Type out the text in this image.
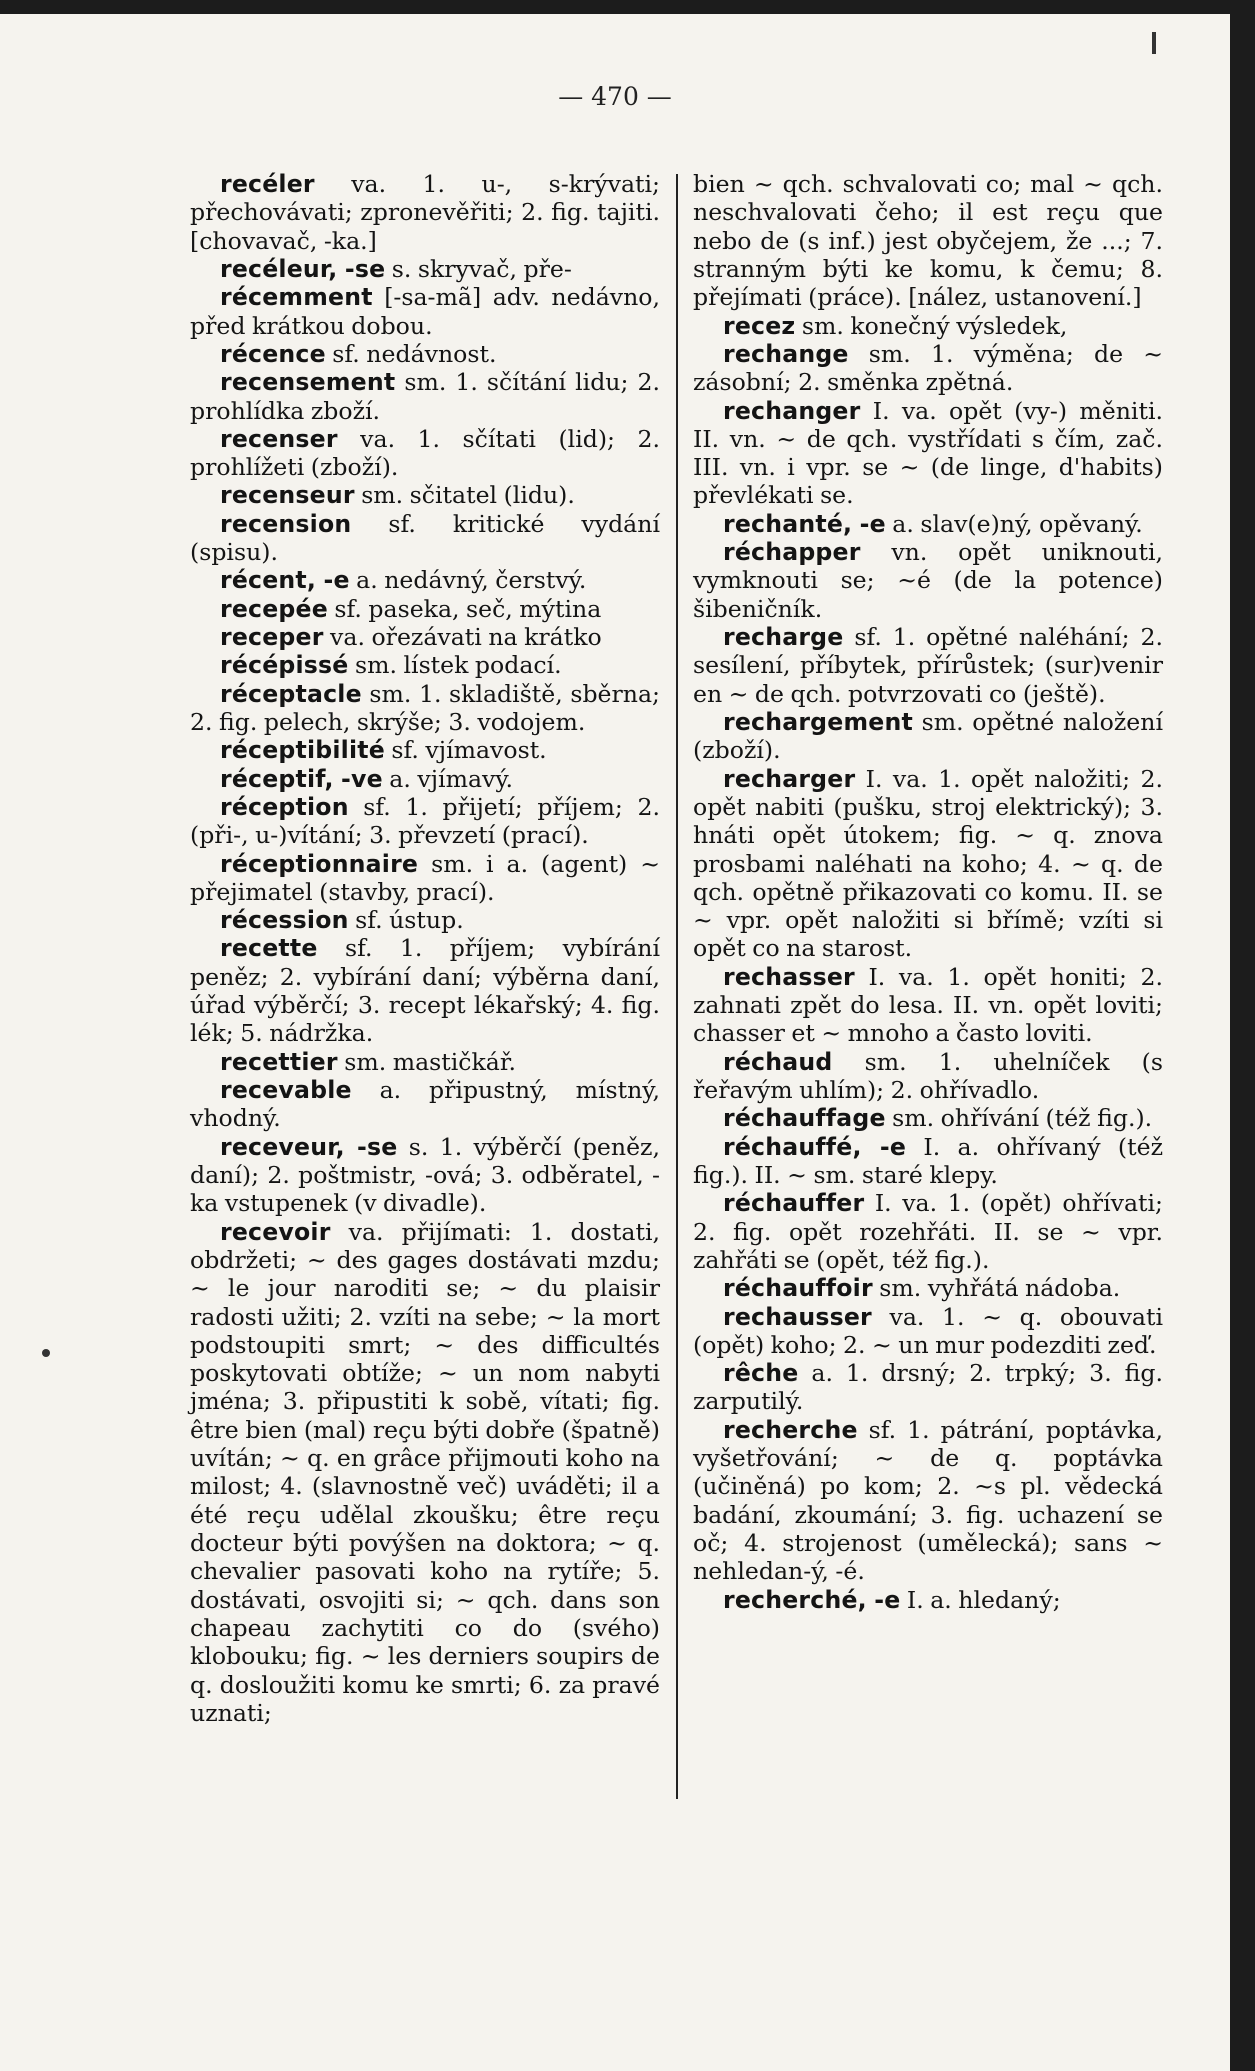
— 470 —
recéler va. 1. u-, s-krývati; přechovávati; zpronevěřiti; 2. fig. tajiti. [chovavač, -ka.]
recéleur, -se s. skryvač, pře-
récemment [-sa-mã] adv. nedávno, před krátkou dobou.
récence sf. nedávnost.
recensement sm. 1. sčítání lidu; 2. prohlídka zboží.
recenser va. 1. sčítati (lid); 2. prohlížeti (zboží).
recenseur sm. sčitatel (lidu).
recension sf. kritické vydání (spisu).
récent, -e a. nedávný, čerstvý.
recepée sf. paseka, seč, mýtina
receper va. ořezávati na krátko
récépissé sm. lístek podací.
réceptacle sm. 1. skladiště, sběrna; 2. fig. pelech, skrýše; 3. vodojem.
réceptibilité sf. vjímavost.
réceptif, -ve a. vjímavý.
réception sf. 1. přijetí; příjem; 2. (při-, u-)vítání; 3. převzetí (prací).
réceptionnaire sm. i a. (agent) ~ přejimatel (stavby, prací).
récession sf. ústup.
recette sf. 1. příjem; vybírání peněz; 2. vybírání daní; výběrna daní, úřad výběrčí; 3. recept lékařský; 4. fig. lék; 5. nádržka.
recettier sm. mastičkář.
recevable a. připustný, místný, vhodný.
receveur, -se s. 1. výběrčí (peněz, daní); 2. poštmistr, -ová; 3. odběratel, -ka vstupenek (v divadle).
recevoir va. přijímati: 1. dostati, obdržeti; ~ des gages dostávati mzdu; ~ le jour naroditi se; ~ du plaisir radosti užiti; 2. vzíti na sebe; ~ la mort podstoupiti smrt; ~ des difficultés poskytovati obtíže; ~ un nom nabyti jména; 3. připustiti k sobě, vítati; fig. être bien (mal) reçu býti dobře (špatně) uvítán; ~ q. en grâce přijmouti koho na milost; 4. (slavnostně več) uváděti; il a été reçu udělal zkoušku; être reçu docteur býti povýšen na doktora; ~ q. chevalier pasovati koho na rytíře; 5. dostávati, osvojiti si; ~ qch. dans son chapeau zachytiti co do (svého) klobouku; fig. ~ les derniers soupirs de q. dosloužiti komu ke smrti; 6. za pravé uznati;
bien ~ qch. schvalovati co; mal ~ qch. neschvalovati čeho; il est reçu que nebo de (s inf.) jest obyčejem, že ...; 7. stranným býti ke komu, k čemu; 8. přejímati (práce). [nález, ustanovení.]
recez sm. konečný výsledek,
rechange sm. 1. výměna; de ~ zásobní; 2. směnka zpětná.
rechanger I. va. opět (vy-) měniti. II. vn. ~ de qch. vystřídati s čím, zač. III. vn. i vpr. se ~ (de linge, d'habits) převlékati se.
rechanté, -e a. slav(e)ný, opěvaný.
réchapper vn. opět uniknouti, vymknouti se; ~é (de la potence) šibeničník.
recharge sf. 1. opětné naléhání; 2. sesílení, příbytek, přírůstek; (sur)venir en ~ de qch. potvrzovati co (ještě).
rechargement sm. opětné naložení (zboží).
recharger I. va. 1. opět naložiti; 2. opět nabiti (pušku, stroj elektrický); 3. hnáti opět útokem; fig. ~ q. znova prosbami naléhati na koho; 4. ~ q. de qch. opětně přikazovati co komu. II. se ~ vpr. opět naložiti si břímě; vzíti si opět co na starost.
rechasser I. va. 1. opět honiti; 2. zahnati zpět do lesa. II. vn. opět loviti; chasser et ~ mnoho a často loviti.
réchaud sm. 1. uhelníček (s řeřavým uhlím); 2. ohřívadlo.
réchauffage sm. ohřívání (též fig.).
réchauffé, -e I. a. ohřívaný (též fig.). II. ~ sm. staré klepy.
réchauffer I. va. 1. (opět) ohřívati; 2. fig. opět rozehřáti. II. se ~ vpr. zahřáti se (opět, též fig.).
réchauffoir sm. vyhřátá nádoba.
rechausser va. 1. ~ q. obouvati (opět) koho; 2. ~ un mur podezditi zeď.
rêche a. 1. drsný; 2. trpký; 3. fig. zarputilý.
recherche sf. 1. pátrání, poptávka, vyšetřování; ~ de q. poptávka (učiněná) po kom; 2. ~s pl. vědecká badání, zkoumání; 3. fig. uchazení se oč; 4. strojenost (umělecká); sans ~ nehledan-ý, -é.
recherché, -e I. a. hledaný;
